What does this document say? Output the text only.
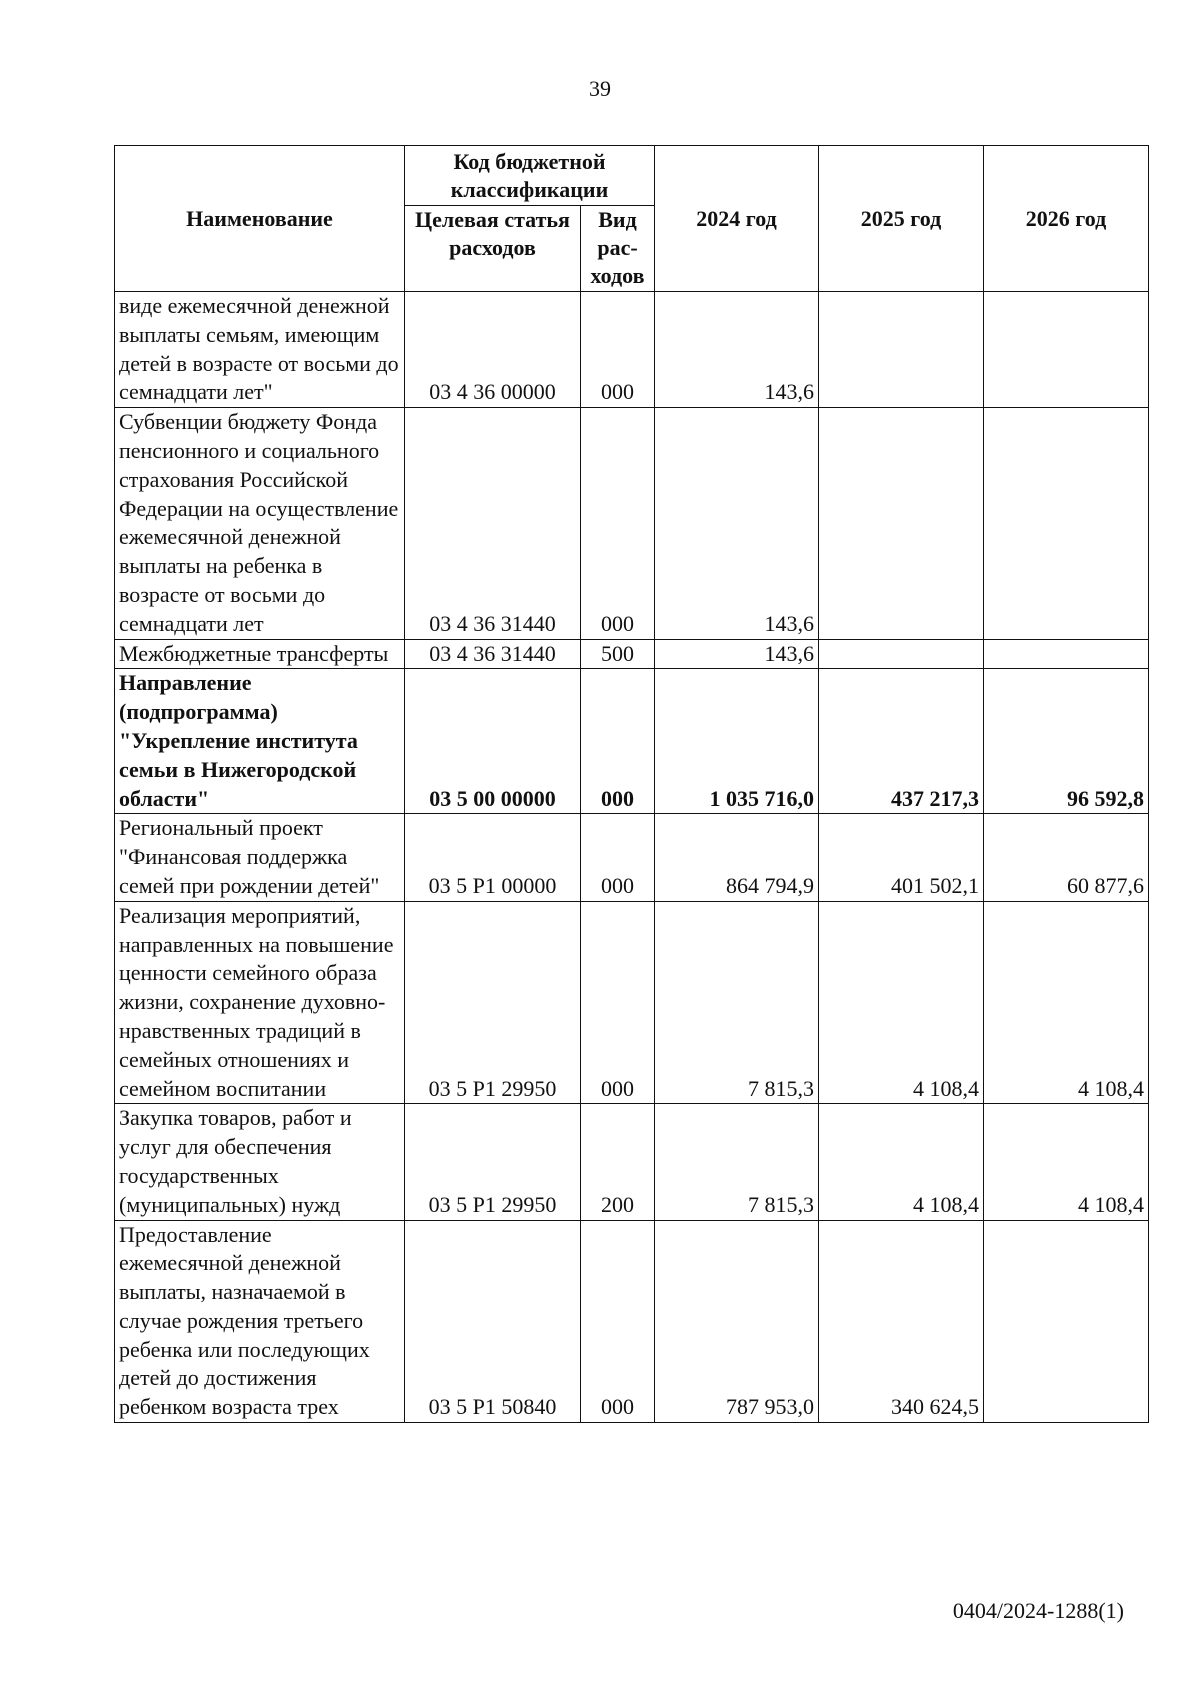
39
Наименование	Код бюджетной классификации		2024 год	2025 год	2026 год
	Целевая статья расходов	Вид рас-ходов			
виде ежемесячной денежной выплаты семьям, имеющим детей в возрасте от восьми до семнадцати лет"	03 4 36 00000	000	143,6		
Субвенции бюджету Фонда пенсионного и социального страхования Российской Федерации на осуществление ежемесячной денежной выплаты на ребенка в возрасте от восьми до семнадцати лет	03 4 36 31440	000	143,6		
Межбюджетные трансферты	03 4 36 31440	500	143,6		
Направление (подпрограмма) "Укрепление института семьи в Нижегородской области"	03 5 00 00000	000	1 035 716,0	437 217,3	96 592,8
Региональный проект "Финансовая поддержка семей при рождении детей"	03 5 P1 00000	000	864 794,9	401 502,1	60 877,6
Реализация мероприятий, направленных на повышение ценности семейного образа жизни, сохранение духовно-нравственных традиций в семейных отношениях и семейном воспитании	03 5 P1 29950	000	7 815,3	4 108,4	4 108,4
Закупка товаров, работ и услуг для обеспечения государственных (муниципальных) нужд	03 5 P1 29950	200	7 815,3	4 108,4	4 108,4
Предоставление ежемесячной денежной выплаты, назначаемой в случае рождения третьего ребенка или последующих детей до достижения ребенком возраста трех	03 5 P1 50840	000	787 953,0	340 624,5	
0404/2024-1288(1)
